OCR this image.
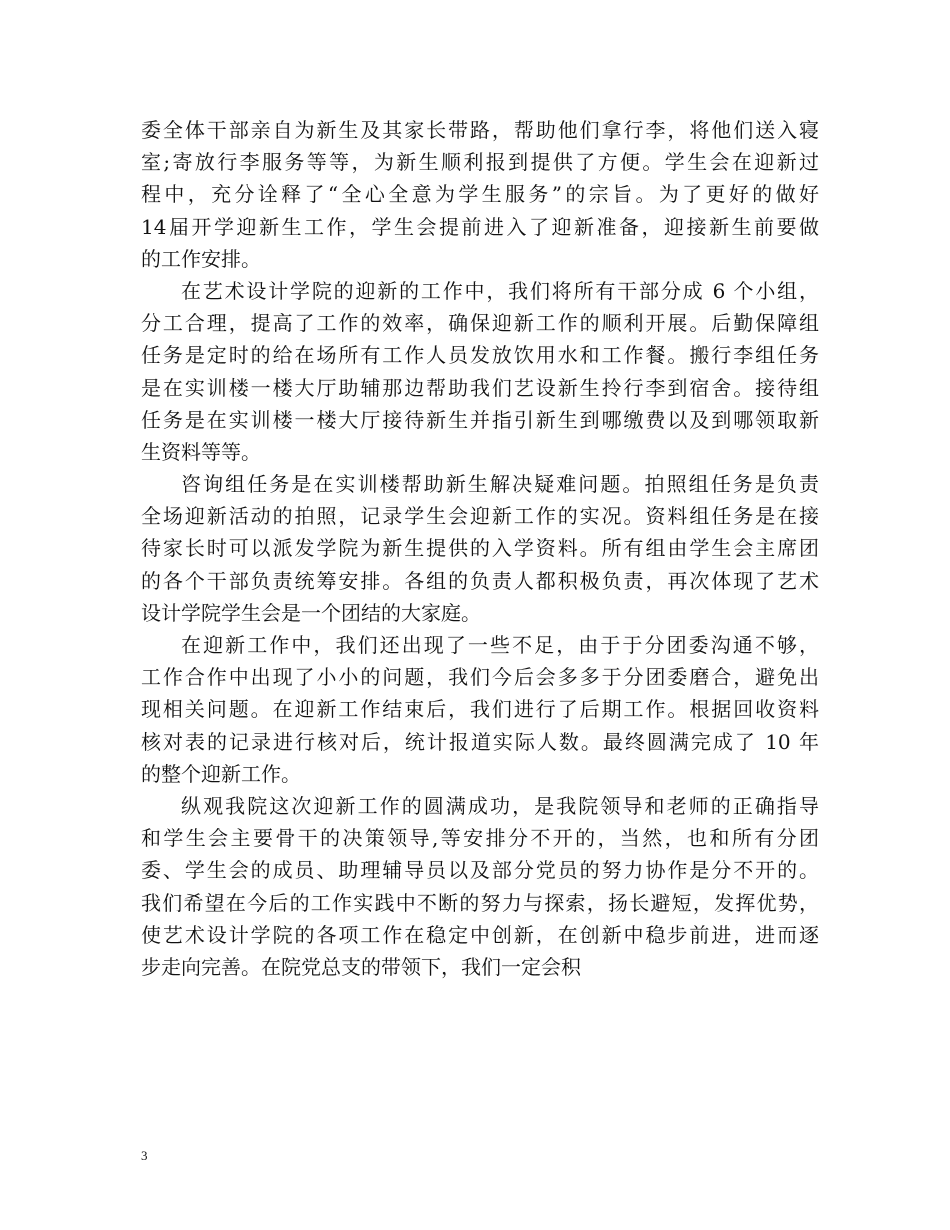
委全体干部亲自为新生及其家长带路，帮助他们拿行李，将他们送入寝
室;寄放行李服务等等，为新生顺利报到提供了方便。学生会在迎新过
程中，充分诠释了“全心全意为学生服务”的宗旨。为了更好的做好
14届开学迎新生工作，学生会提前进入了迎新准备，迎接新生前要做
的工作安排。
在艺术设计学院的迎新的工作中，我们将所有干部分成 6 个小组，
分工合理，提高了工作的效率，确保迎新工作的顺利开展。后勤保障组
任务是定时的给在场所有工作人员发放饮用水和工作餐。搬行李组任务
是在实训楼一楼大厅助辅那边帮助我们艺设新生拎行李到宿舍。接待组
任务是在实训楼一楼大厅接待新生并指引新生到哪缴费以及到哪领取新
生资料等等。
咨询组任务是在实训楼帮助新生解决疑难问题。拍照组任务是负责
全场迎新活动的拍照，记录学生会迎新工作的实况。资料组任务是在接
待家长时可以派发学院为新生提供的入学资料。所有组由学生会主席团
的各个干部负责统筹安排。各组的负责人都积极负责，再次体现了艺术
设计学院学生会是一个团结的大家庭。
在迎新工作中，我们还出现了一些不足，由于于分团委沟通不够，
工作合作中出现了小小的问题，我们今后会多多于分团委磨合，避免出
现相关问题。在迎新工作结束后，我们进行了后期工作。根据回收资料
核对表的记录进行核对后，统计报道实际人数。最终圆满完成了 10 年
的整个迎新工作。
纵观我院这次迎新工作的圆满成功，是我院领导和老师的正确指导
和学生会主要骨干的决策领导,等安排分不开的，当然，也和所有分团
委、学生会的成员、助理辅导员以及部分党员的努力协作是分不开的。
我们希望在今后的工作实践中不断的努力与探索，扬长避短，发挥优势，
使艺术设计学院的各项工作在稳定中创新，在创新中稳步前进，进而逐
步走向完善。在院党总支的带领下，我们一定会积
3
